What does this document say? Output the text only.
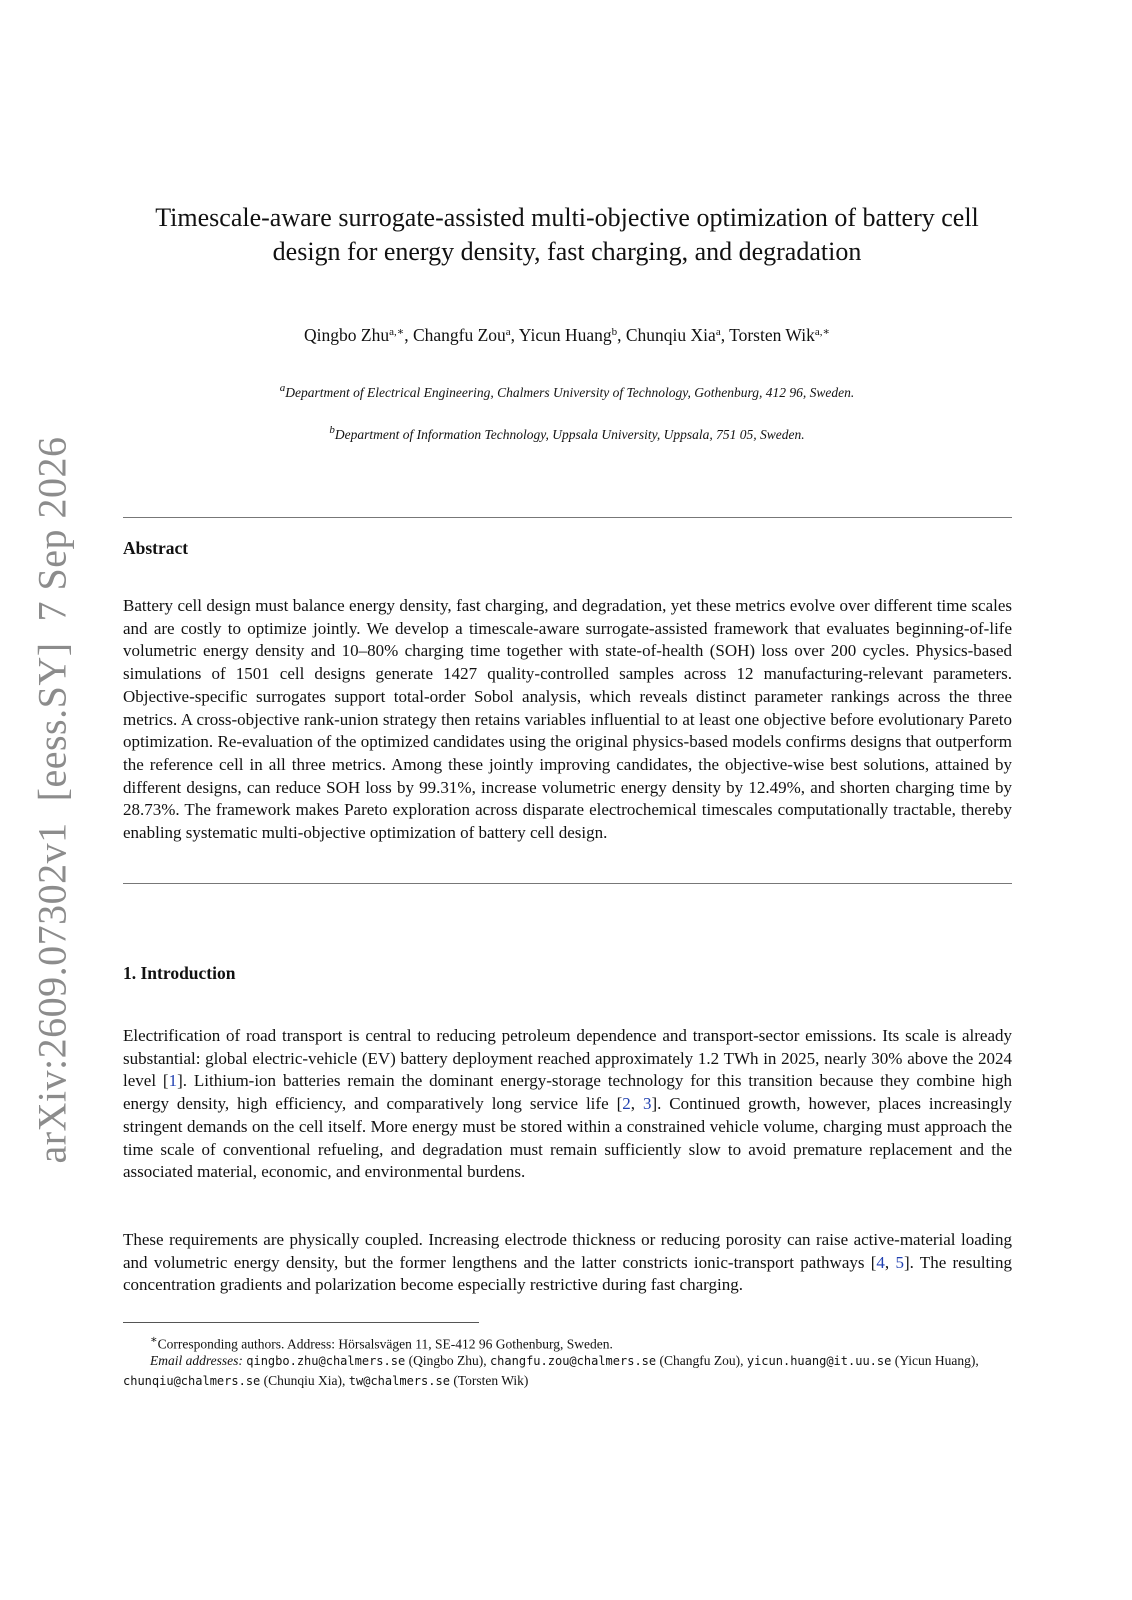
arXiv:2609.07302v1  [eess.SY]  7 Sep 2026
Timescale-aware surrogate-assisted multi-objective optimization of battery cell
design for energy density, fast charging, and degradation
Qingbo Zhu$^{a,∗}$, Changfu Zou$^a$, Yicun Huang$^b$, Chunqiu Xia$^a$, Torsten Wik$^{a,∗}$
$^a$Department of Electrical Engineering, Chalmers University of Technology, Gothenburg, 412 96, Sweden.
$^b$Department of Information Technology, Uppsala University, Uppsala, 751 05, Sweden.
Abstract

Battery cell design must balance energy density, fast charging, and degradation, yet these metrics evolve over different time scales and are costly to optimize jointly. We develop a timescale-aware surrogate-assisted framework that evaluates beginning-of-life volumetric energy density and 10–80% charging time together with state-of-health (SOH) loss over 200 cycles. Physics-based simulations of 1501 cell designs generate 1427 quality-controlled samples across 12 manufacturing-relevant parameters. Objective-specific surrogates support total-order Sobol analysis, which reveals distinct parameter rankings across the three metrics. A cross-objective rank-union strategy then retains variables influential to at least one objective before evolutionary Pareto optimization. Re-evaluation of the optimized candidates using the original physics-based models confirms designs that outperform the reference cell in all three metrics. Among these jointly improving candidates, the objective-wise best solutions, attained by different designs, can reduce SOH loss by 99.31%, increase volumetric energy density by 12.49%, and shorten charging time by 28.73%. The framework makes Pareto exploration across disparate electrochemical timescales computationally tractable, thereby enabling systematic multi-objective optimization of battery cell design.

1. Introduction

Electrification of road transport is central to reducing petroleum dependence and transport-sector emissions. Its scale is already substantial: global electric-vehicle (EV) battery deployment reached approximately 1.2 TWh in 2025, nearly 30% above the 2024 level [1]. Lithium-ion batteries remain the dominant energy-storage technology for this transition because they combine high energy density, high efficiency, and comparatively long service life [2, 3]. Continued growth, however, places increasingly stringent demands on the cell itself. More energy must be stored within a constrained vehicle volume, charging must approach the time scale of conventional refueling, and degradation must remain sufficiently slow to avoid premature replacement and the associated material, economic, and environmental burdens.

These requirements are physically coupled. Increasing electrode thickness or reducing porosity can raise active-material loading and volumetric energy density, but the former lengthens and the latter constricts ionic-transport pathways [4, 5]. The resulting concentration gradients and polarization become especially restrictive during fast charging.

∗Corresponding authors. Address: Hörsalsvägen 11, SE-412 96 Gothenburg, Sweden.
Email addresses: qingbo.zhu@chalmers.se (Qingbo Zhu), changfu.zou@chalmers.se (Changfu Zou), yicun.huang@it.uu.se (Yicun Huang), chunqiu@chalmers.se (Chunqiu Xia), tw@chalmers.se (Torsten Wik)
